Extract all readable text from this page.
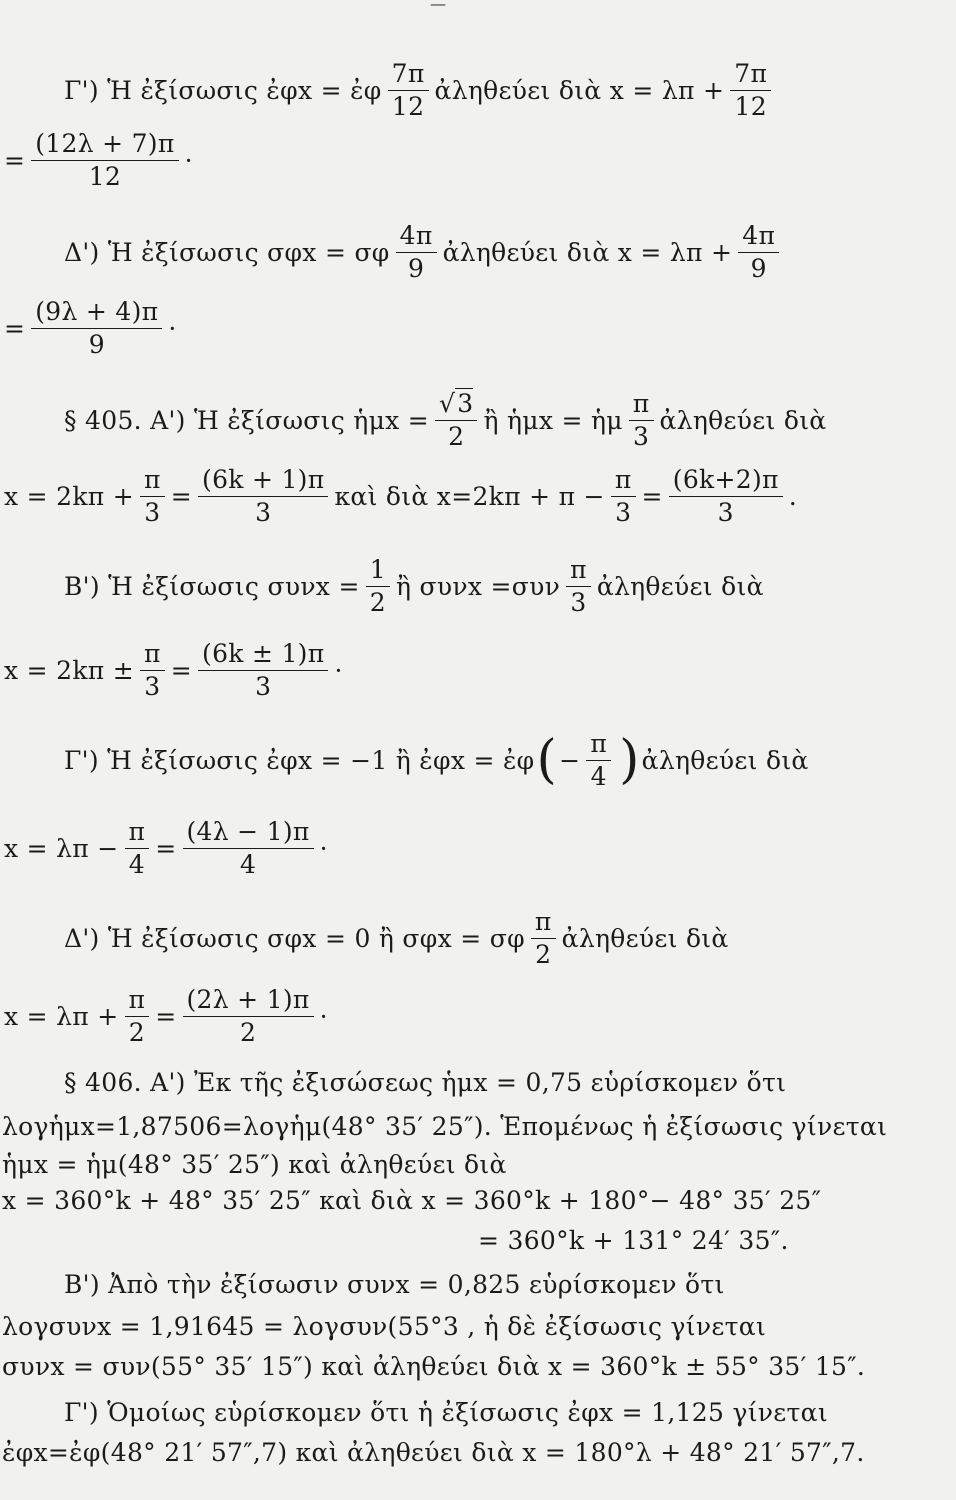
—
Γ') Ἡ ἐξίσωσις ἐφx = ἐφ $\frac{7\pi}{12}$ ἀληθεύει διὰ $x = \lambda\pi + \frac{7\pi}{12}$
= $\frac{(12\lambda + 7)\pi}{12}$ ·
Δ') Ἡ ἐξίσωσις σφx = σφ $\frac{4\pi}{9}$ ἀληθεύει διὰ $x = \lambda\pi + \frac{4\pi}{9}$
= $\frac{(9\lambda + 4)\pi}{9}$ ·
§ 405. Α') Ἡ ἐξίσωσις ἡμx = $\frac{√3}{2}$ ἢ ἡμx = ἡμ $\frac{\pi}{3}$ ἀληθεύει διὰ
$x = 2k\pi + \frac{\pi}{3} = \frac{(6k + 1)\pi}{3}$ καὶ διὰ $x=2k\pi + \pi - \frac{\pi}{3} = \frac{(6k+2)\pi}{3}$ .
Β') Ἡ ἐξίσωσις $\sigma\upsilon\nu x = \frac{1}{2}$ ἢ $\sigma\upsilon\nu x =\sigma\upsilon\nu \frac{\pi}{3}$ ἀληθεύει διὰ
$x = 2k\pi \pm \frac{\pi}{3} = \frac{(6k \pm 1)\pi}{3}$ ·
Γ') Ἡ ἐξίσωσις ἐφx = −1 ἢ ἐφx = ἐφ ( − $\frac{\pi}{4}$ ) ἀληθεύει διὰ
$x = \lambda\pi - \frac{\pi}{4} = \frac{(4\lambda - 1)\pi}{4}$ ·
Δ') Ἡ ἐξίσωσις σφx = 0 ἢ σφx = σφ $\frac{\pi}{2}$ ἀληθεύει διὰ
$x = \lambda\pi + \frac{\pi}{2} = \frac{(2\lambda + 1)\pi}{2}$ ·
§ 406. Α') Ἐκ τῆς ἐξισώσεως ἡμx = 0,75 εὑρίσκομεν ὅτι
λογἡμx=1,87506=λογἡμ(48° 35′ 25″). Ἑπομένως ἡ ἐξίσωσις γίνεται
ἡμx = ἡμ(48° 35′ 25″) καὶ ἀληθεύει διὰ
x = 360°k + 48° 35′ 25″ καὶ διὰ x = 360°k + 180°− 48° 35′ 25″
= 360°k + 131° 24′ 35″.
Β') Ἀπὸ τὴν ἐξίσωσιν συνx = 0,825 εὑρίσκομεν ὅτι
λογσυνx = 1,91645 = λογσυν(55°3 , ἡ δὲ ἐξίσωσις γίνεται
συνx = συν(55° 35′ 15″) καὶ ἀληθεύει διὰ x = 360°k ± 55° 35′ 15″.
Γ') Ὁμοίως εὑρίσκομεν ὅτι ἡ ἐξίσωσις ἐφx = 1,125 γίνεται
ἐφx=ἐφ(48° 21′ 57″,7) καὶ ἀληθεύει διὰ x = 180°λ + 48° 21′ 57″,7.
